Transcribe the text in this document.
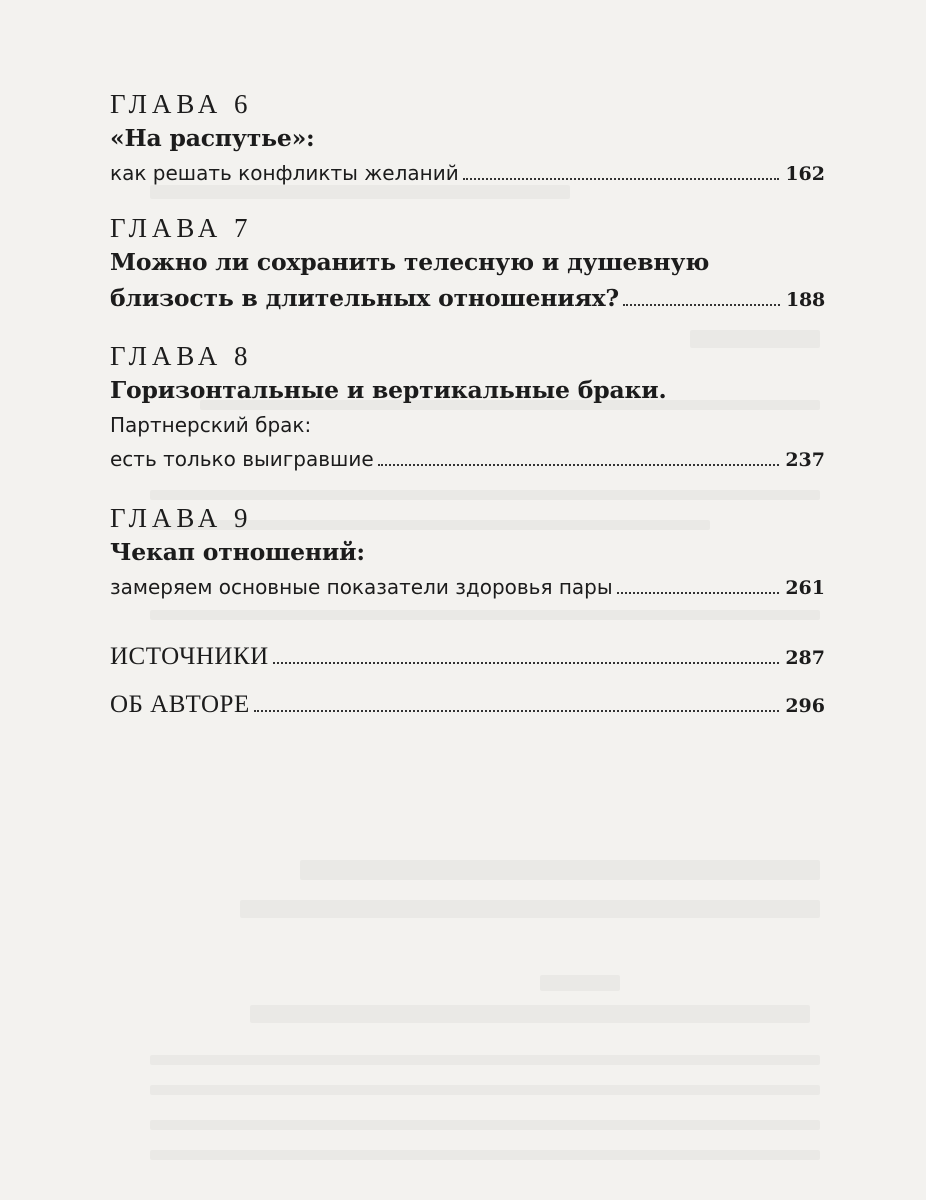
ГЛАВА 6
«На распутье»:
как решать конфликты желаний	162
ГЛАВА 7
Можно ли сохранить телесную и душевную
близость в длительных отношениях?	188
ГЛАВА 8
Горизонтальные и вертикальные браки.
Партнерский брак:
есть только выигравшие	237
ГЛАВА 9
Чекап отношений:
замеряем основные показатели здоровья пары	261
ИСТОЧНИКИ	287
ОБ АВТОРЕ	296
